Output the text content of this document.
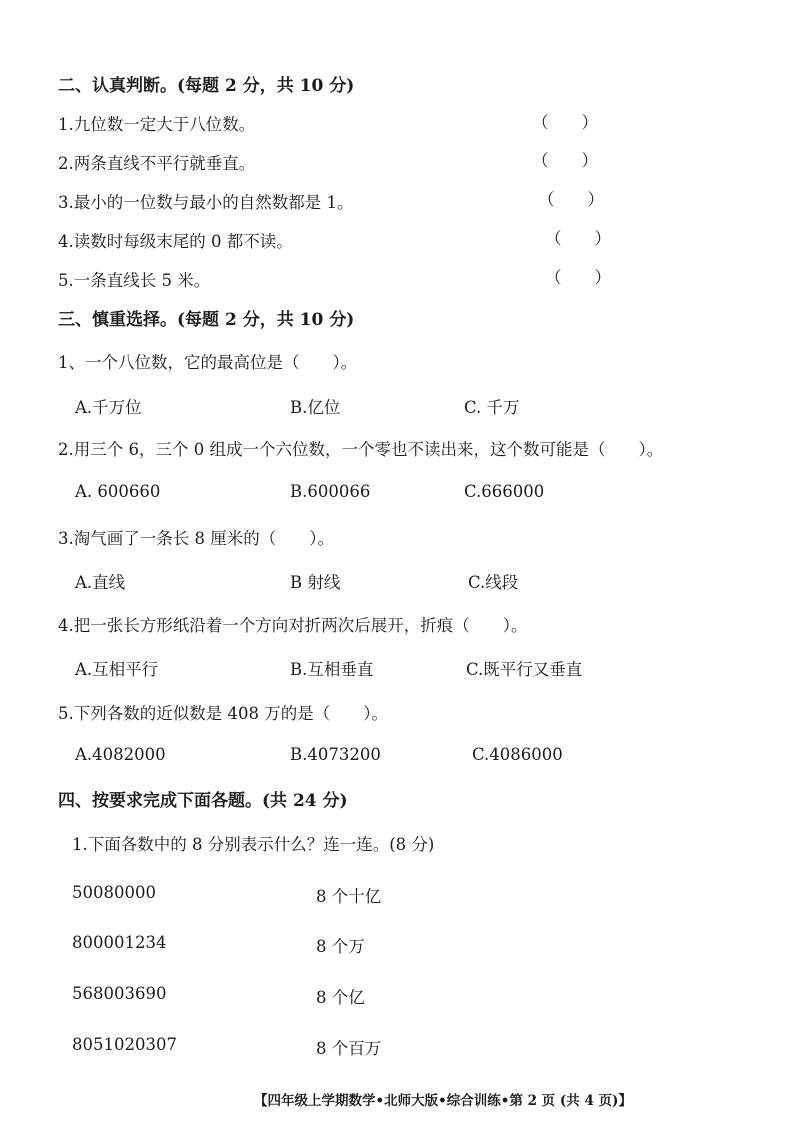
二、认真判断。(每题 2 分，共 10 分)
1.九位数一定大于八位数。	（　　）
2.两条直线不平行就垂直。	（　　）
3.最小的一位数与最小的自然数都是 1。	（　　）
4.读数时每级末尾的 0 都不读。	（　　）
5.一条直线长 5 米。	（　　）
三、慎重选择。(每题 2 分，共 10 分)
1、一个八位数，它的最高位是（　　）。
A.千万位	B.亿位	C. 千万
2.用三个 6，三个 0 组成一个六位数，一个零也不读出来，这个数可能是（　　）。
A. 600660	B.600066	C.666000
3.淘气画了一条长 8 厘米的（　　）。
A.直线	B 射线	C.线段
4.把一张长方形纸沿着一个方向对折两次后展开，折痕（　　）。
A.互相平行	B.互相垂直	C.既平行又垂直
5.下列各数的近似数是 408 万的是（　　）。
A.4082000	B.4073200	C.4086000
四、按要求完成下面各题。(共 24 分)
1.下面各数中的 8 分别表示什么？连一连。(8 分)
50080000	8 个十亿
800001234	8 个万
568003690	8 个亿
8051020307	8 个百万
【四年级上学期数学•北师大版•综合训练•第 2 页 (共 4 页)】
